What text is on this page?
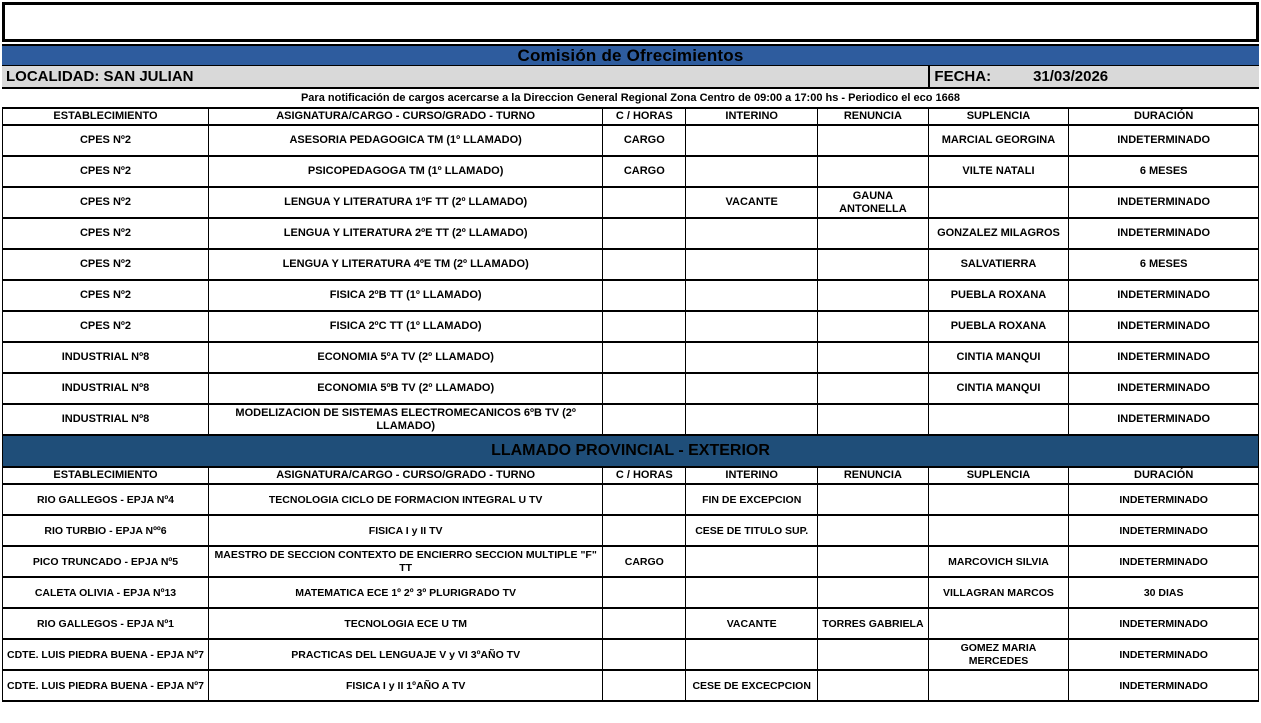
Comisión de Ofrecimientos
LOCALIDAD: SAN JULIAN	FECHA:	31/03/2026
Para notificación de cargos acercarse a la Direccion General Regional Zona Centro de 09:00 a 17:00 hs - Periodico el eco 1668
ESTABLECIMIENTO	ASIGNATURA/CARGO - CURSO/GRADO - TURNO	C / HORAS	INTERINO	RENUNCIA	SUPLENCIA	DURACIÓN
CPES Nº2	ASESORIA PEDAGOGICA TM (1º LLAMADO)	CARGO			MARCIAL GEORGINA	INDETERMINADO
CPES Nº2	PSICOPEDAGOGA TM (1º LLAMADO)	CARGO			VILTE NATALI	6 MESES
CPES Nº2	LENGUA Y LITERATURA 1ºF TT (2º LLAMADO)		VACANTE	GAUNA ANTONELLA		INDETERMINADO
CPES Nº2	LENGUA Y LITERATURA 2ºE TT (2º LLAMADO)				GONZALEZ MILAGROS	INDETERMINADO
CPES Nº2	LENGUA Y LITERATURA 4ºE TM (2º LLAMADO)				SALVATIERRA	6 MESES
CPES Nº2	FISICA 2ºB TT (1º LLAMADO)				PUEBLA ROXANA	INDETERMINADO
CPES Nº2	FISICA 2ºC TT (1º LLAMADO)				PUEBLA ROXANA	INDETERMINADO
INDUSTRIAL Nº8	ECONOMIA 5ºA TV (2º LLAMADO)				CINTIA MANQUI	INDETERMINADO
INDUSTRIAL Nº8	ECONOMIA 5ºB TV (2º LLAMADO)				CINTIA MANQUI	INDETERMINADO
INDUSTRIAL Nº8	MODELIZACION DE SISTEMAS ELECTROMECANICOS 6ºB TV (2º LLAMADO)					INDETERMINADO
LLAMADO PROVINCIAL - EXTERIOR
ESTABLECIMIENTO	ASIGNATURA/CARGO - CURSO/GRADO - TURNO	C / HORAS	INTERINO	RENUNCIA	SUPLENCIA	DURACIÓN
RIO GALLEGOS - EPJA Nº4	TECNOLOGIA CICLO DE FORMACION INTEGRAL U TV		FIN DE EXCEPCION			INDETERMINADO
RIO TURBIO - EPJA Nºº6	FISICA I y II TV		CESE DE TITULO SUP.			INDETERMINADO
PICO TRUNCADO - EPJA Nº5	MAESTRO DE SECCION CONTEXTO DE ENCIERRO SECCION MULTIPLE "F" TT	CARGO			MARCOVICH SILVIA	INDETERMINADO
CALETA OLIVIA - EPJA Nº13	MATEMATICA ECE 1º 2º 3º PLURIGRADO TV				VILLAGRAN MARCOS	30 DIAS
RIO GALLEGOS - EPJA Nº1	TECNOLOGIA ECE U TM		VACANTE	TORRES GABRIELA		INDETERMINADO
CDTE. LUIS PIEDRA BUENA - EPJA Nº7	PRACTICAS DEL LENGUAJE V y VI 3ºAÑO TV				GOMEZ MARIA MERCEDES	INDETERMINADO
CDTE. LUIS PIEDRA BUENA - EPJA Nº7	FISICA I y II 1ºAÑO A TV		CESE DE EXCECPCION			INDETERMINADO
